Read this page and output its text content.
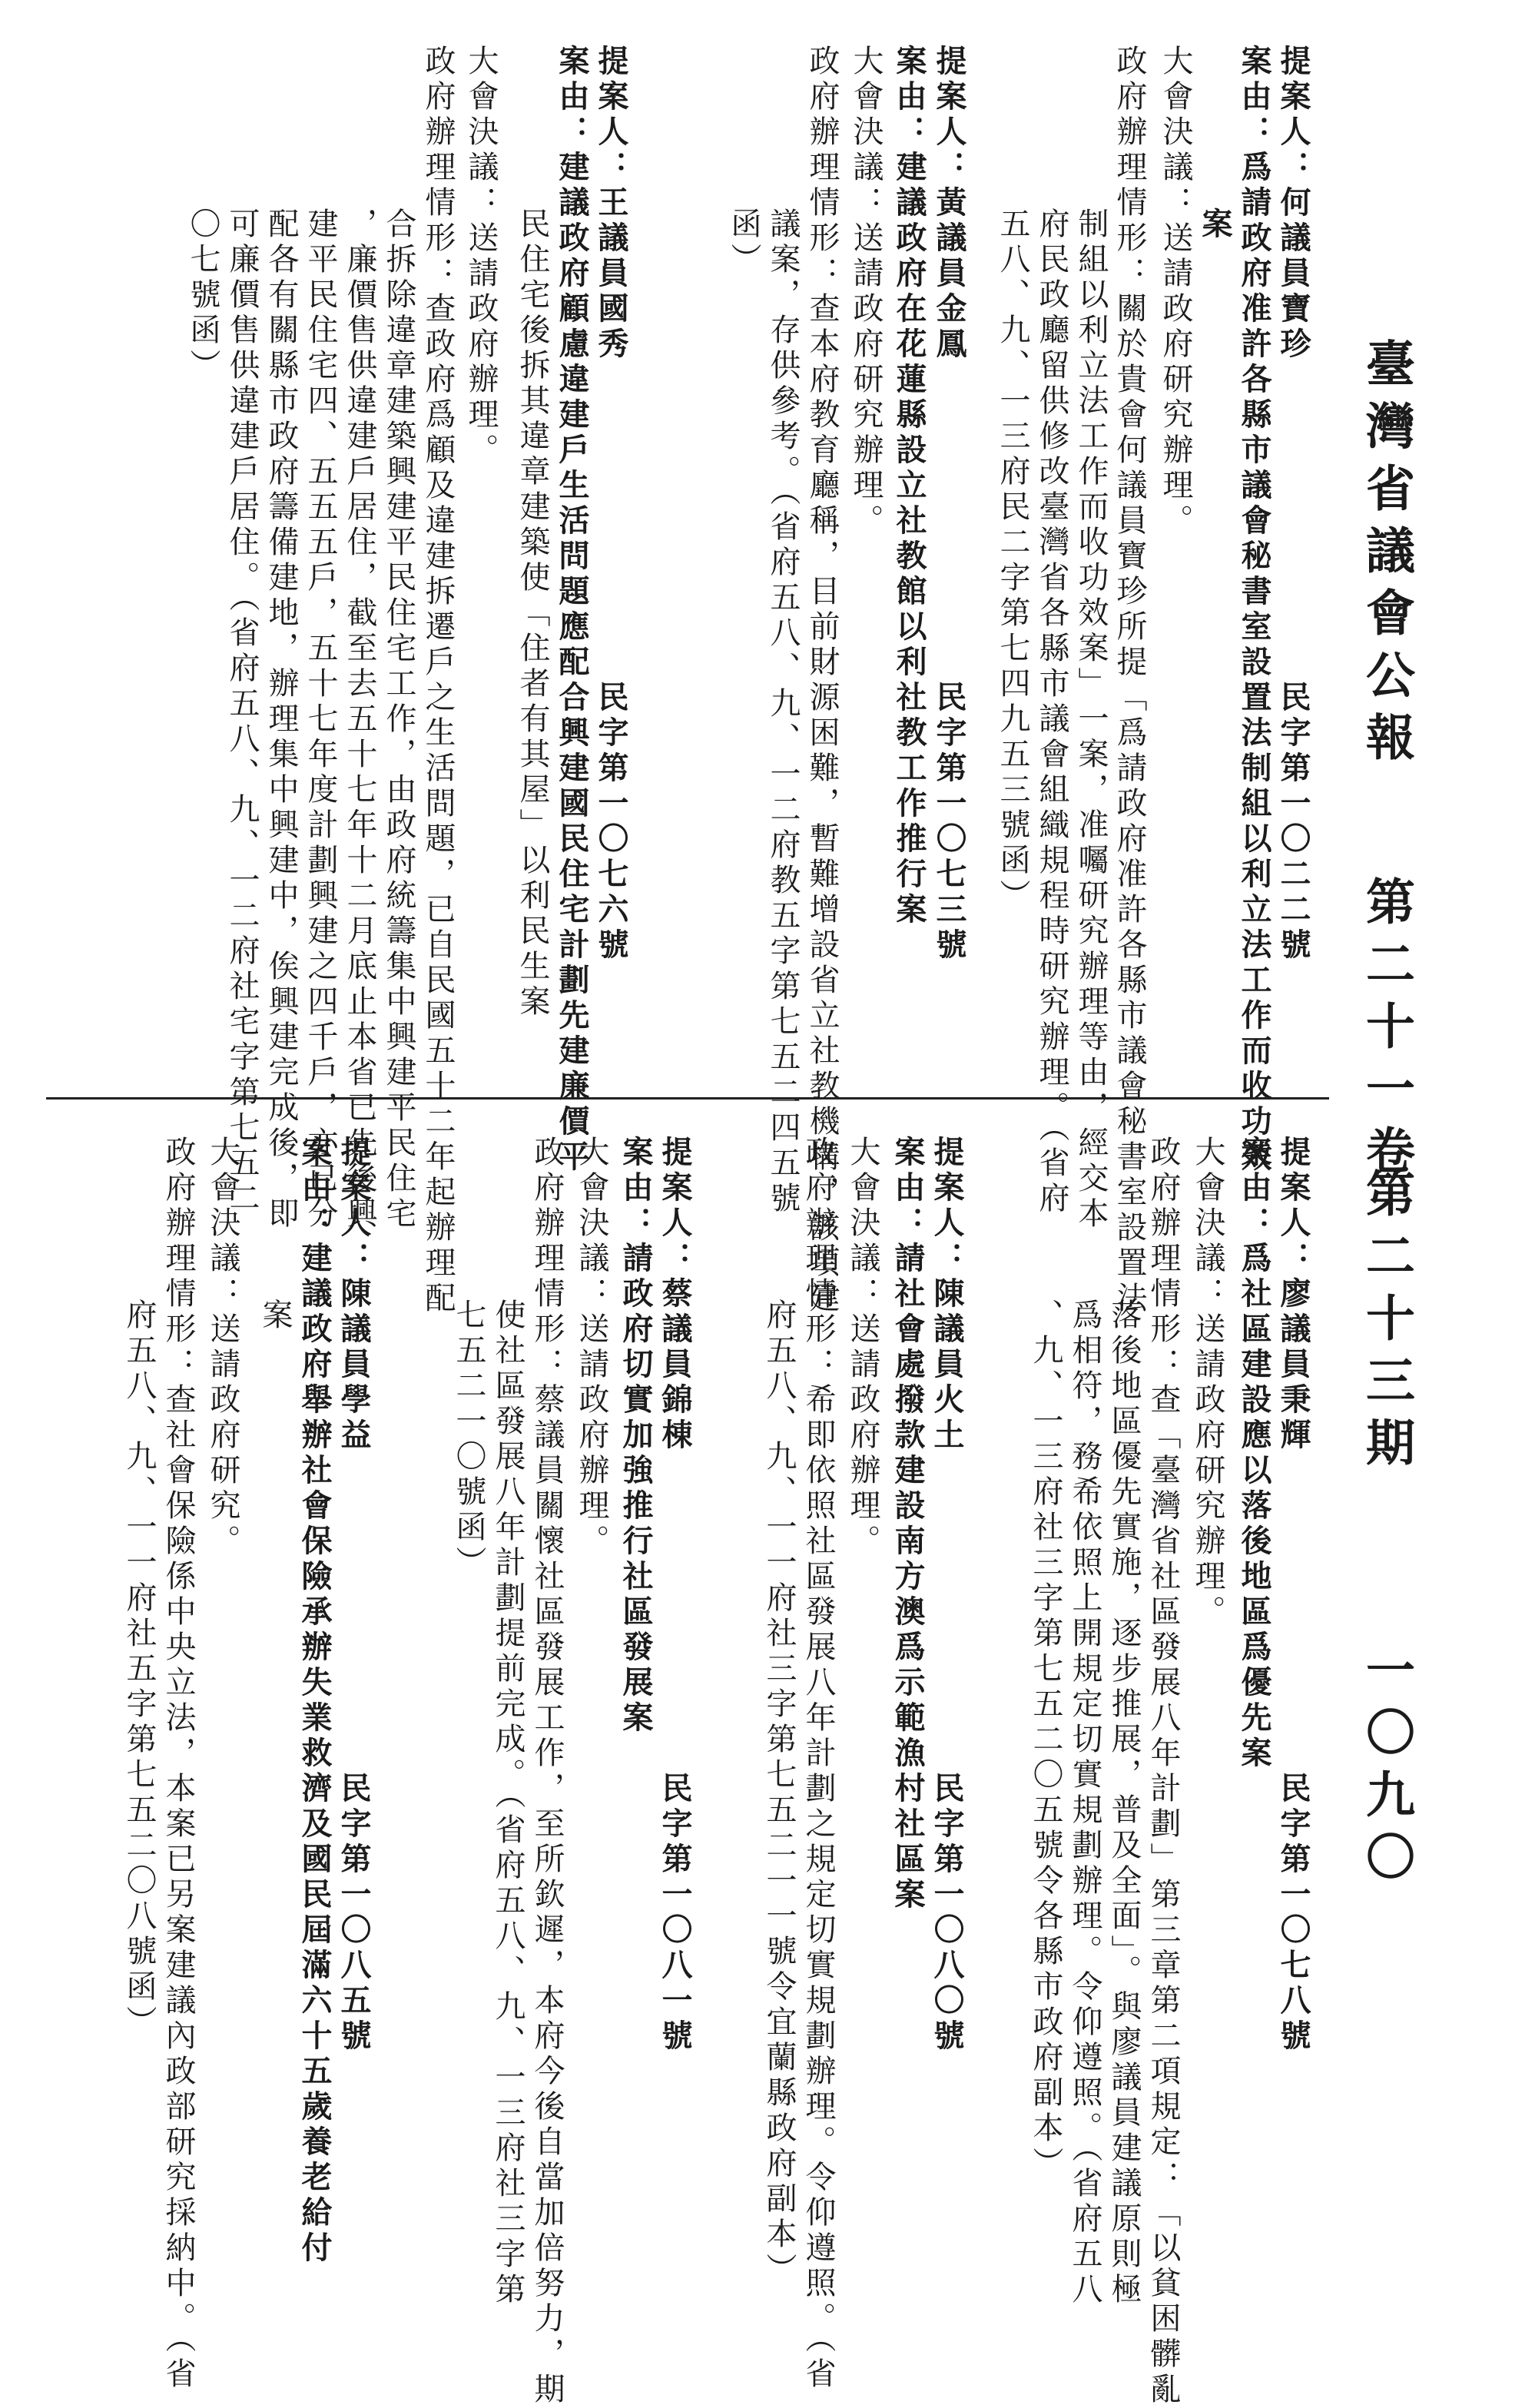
臺灣省議會公報
第二十一卷
第二十三期
一〇九〇
提案人：何議員寶珍　　　　　　　　　民字第一〇二二號
案由：爲請政府准許各縣市議會秘書室設置法制組以利立法工作而收功效
案
大會決議：送請政府研究辦理。
政府辦理情形：關於貴會何議員寶珍所提「爲請政府准許各縣市議會秘書室設置法
制組以利立法工作而收功效案」一案，准囑研究辦理等由，經交本
府民政廳留供修改臺灣省各縣市議會組織規程時研究辦理。（省府
五八、九、一三府民二字第七四九五三號函）
提案人：黃議員金鳳　　　　　　　　　民字第一〇七三號
案由：建議政府在花蓮縣設立社教館以利社教工作推行案
大會決議：送請政府研究辦理。
政府辦理情形：查本府教育廳稱，目前財源困難，暫難增設省立社教機構，該項建
議案，存供參考。（省府五八、九、一二府教五字第七五二四五號
函）
提案人：王議員國秀　　　　　　　　　民字第一〇七六號
案由：建議政府顧慮違建戶生活問題應配合興建國民住宅計劃先建廉價平
民住宅後拆其違章建築使「住者有其屋」以利民生案
大會決議：送請政府辦理。
政府辦理情形：查政府爲顧及違建拆遷戶之生活問題，已自民國五十二年起辦理配
合拆除違章建築興建平民住宅工作，由政府統籌集中興建平民住宅
，廉價售供違建戶居住，截至去五十七年十二月底止本省已先後興
建平民住宅四、五五五戶，五十七年度計劃興建之四千戶，亦已分
配各有關縣市政府籌備建地，辦理集中興建中，俟興建完成後，即
可廉價售供違建戶居住。（省府五八、九、一二府社宅字第七五二
〇七號函）
提案人：廖議員秉輝　　　　　　　　　民字第一〇七八號
案由：爲社區建設應以落後地區爲優先案
大會決議：送請政府研究辦理。
政府辦理情形：查「臺灣省社區發展八年計劃」第三章第二項規定：「以貧困髒亂
落後地區優先實施，逐步推展，普及全面」。與廖議員建議原則極
爲相符，務希依照上開規定切實規劃辦理。令仰遵照。（省府五八
、九、一三府社三字第七五二〇五號令各縣市政府副本）
提案人：陳議員火土　　　　　　　　　民字第一〇八〇號
案由：請社會處撥款建設南方澳爲示範漁村社區案
大會決議：送請政府辦理。
政府辦理情形：希即依照社區發展八年計劃之規定切實規劃辦理。令仰遵照。（省
府五八、九、一一府社三字第七五二一一號令宜蘭縣政府副本）
提案人：蔡議員錦棟　　　　　　　　　民字第一〇八一號
案由：請政府切實加強推行社區發展案
大會決議：送請政府辦理。
政府辦理情形：蔡議員關懷社區發展工作，至所欽遲，本府今後自當加倍努力，期
使社區發展八年計劃提前完成。（省府五八、九、一三府社三字第
七五二一〇號函）
提案人：陳議員學益　　　　　　　　　民字第一〇八五號
案由：建議政府舉辦社會保險承辦失業救濟及國民屆滿六十五歲養老給付
案
大會決議：送請政府研究。
政府辦理情形：查社會保險係中央立法，本案已另案建議內政部研究採納中。（省
府五八、九、一一府社五字第七五二〇八號函）
